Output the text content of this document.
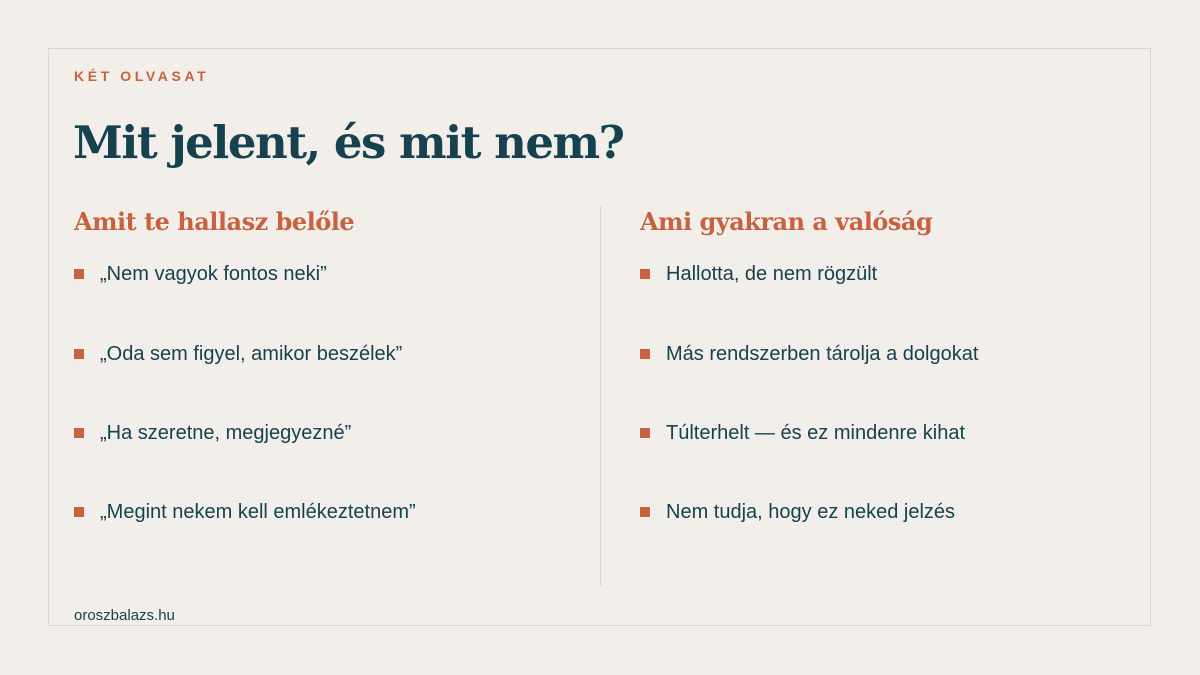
KÉT OLVASAT
Mit jelent, és mit nem?
Amit te hallasz belőle	Ami gyakran a valóság
„Nem vagyok fontos neki”
„Oda sem figyel, amikor beszélek”
„Ha szeretne, megjegyezné”
„Megint nekem kell emlékeztetnem”
Hallotta, de nem rögzült
Más rendszerben tárolja a dolgokat
Túlterhelt — és ez mindenre kihat
Nem tudja, hogy ez neked jelzés
oroszbalazs.hu
